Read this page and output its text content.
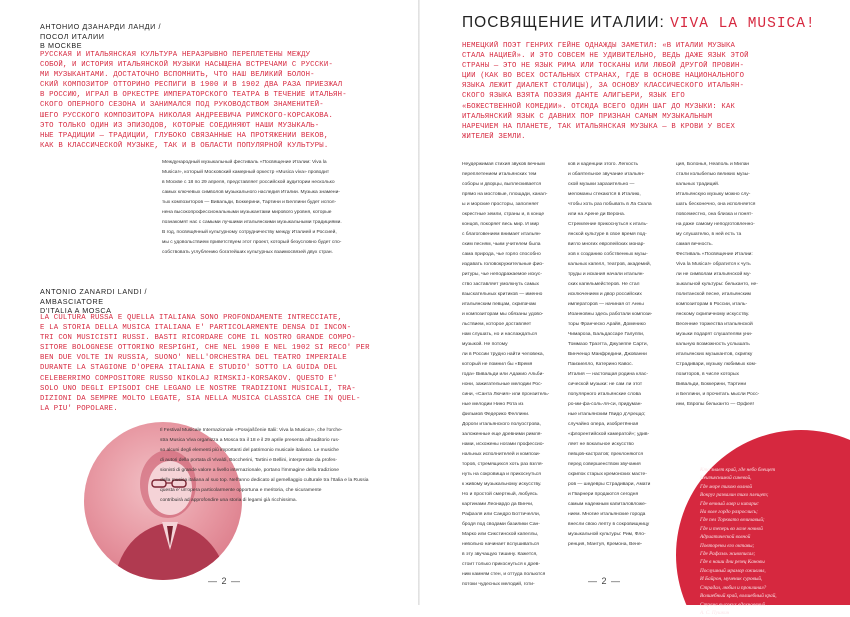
АНТОНИО ДЗАНАРДИ ЛАНДИ /
ПОСОЛ ИТАЛИИ
В МОСКВЕ
РУССКАЯ И ИТАЛЬЯНСКАЯ КУЛЬТУРА НЕРАЗРЫВНО ПЕРЕПЛЕТЕНЫ МЕЖДУ
СОБОЙ, И ИСТОРИЯ ИТАЛЬЯНСКОЙ МУЗЫКИ НАСЫЩЕНА ВСТРЕЧАМИ С РУССКИ-
МИ МУЗЫКАНТАМИ. ДОСТАТОЧНО ВСПОМНИТЬ, ЧТО НАШ ВЕЛИКИЙ БОЛОН-
СКИЙ КОМПОЗИТОР ОТТОРИНО РЕСПИГИ В 1900 И В 1902 ДВА РАЗА ПРИЕЗЖАЛ
В РОССИЮ, ИГРАЛ В ОРКЕСТРЕ ИМПЕРАТОРСКОГО ТЕАТРА В ТЕЧЕНИЕ ИТАЛЬЯН-
СКОГО ОПЕРНОГО СЕЗОНА И ЗАНИМАЛСЯ ПОД РУКОВОДСТВОМ ЗНАМЕНИТЕЙ-
ШЕГО РУССКОГО КОМПОЗИТОРА НИКОЛАЯ АНДРЕЕВИЧА РИМСКОГО-КОРСАКОВА.
ЭТО ТОЛЬКО ОДИН ИЗ ЭПИЗОДОВ, КОТОРЫЕ СОЕДИНЯЮТ НАШИ МУЗЫКАЛЬ-
НЫЕ ТРАДИЦИИ — ТРАДИЦИИ, ГЛУБОКО СВЯЗАННЫЕ НА ПРОТЯЖЕНИИ ВЕКОВ,
КАК В КЛАССИЧЕСКОЙ МУЗЫКЕ, ТАК И В ОБЛАСТИ ПОПУЛЯРНОЙ КУЛЬТУРЫ.
Международный музыкальный фестиваль «Посвящение Италии: Viva la
Musica!», который Московский камерный оркестр «Musica viva» проводит
в Москве с 18 по 29 апреля, представляет российской аудитории несколько
самых ключевых символов музыкального наследия Италии. Музыка знамени-
тых композиторов — Вивальди, Боккерини, Тартини и Беллини будет испол-
нена высокопрофессиональными музыкантами мирового уровня, которые
познакомят нас с самыми лучшими итальянскими музыкальными традициями.
В год, посвящённый культурному сотрудничеству между Италией и Россией,
мы с удовольствием приветствуем этот проект, который безусловно будет спо-
собствовать углублению богатейших культурных взаимосвязей двух стран.
ANTONIO ZANARDI LANDI /
AMBASCIATORE
D'ITALIA A MOSCA
LA CULTURA RUSSA E QUELLA ITALIANA SONO PROFONDAMENTE INTRECCIATE,
E LA STORIA DELLA MUSICA ITALIANA E' PARTICOLARMENTE DENSA DI INCON-
TRI CON MUSICISTI RUSSI. BASTI RICORDARE COME IL NOSTRO GRANDE COMPO-
SITORE BOLOGNESE OTTORINO RESPIGHI, CHE NEL 1900 E NEL 1902 SI RECO' PER
BEN DUE VOLTE IN RUSSIA, SUONO' NELL'ORCHESTRA DEL TEATRO IMPERIALE
DURANTE LA STAGIONE D'OPERA ITALIANA E STUDIO' SOTTO LA GUIDA DEL
CELEBERRIMO COMPOSITORE RUSSO NIKOLAJ RIMSKIJ-KORSAKOV. QUESTO E'
SOLO UNO DEGLI EPISODI CHE LEGANO LE NOSTRE TRADIZIONI MUSICALI, TRA-
DIZIONI DA SEMPRE MOLTO LEGATE, SIA NELLA MUSICA CLASSICA CHE IN QUEL-
LA PIU' POPOLARE.
Il Festival Musicale Internazionale «Posvjaščenie Italii: Viva la Musica!», che l'orche-
stra Musica Viva organizza a Mosca tra il 18 e il 29 aprile presenta all'auditorio rus-
so alcuni degli elementi più importanti del patrimonio musicale italiano. Le musiche
di autori della portata di Vivaldi, Boccherini, Tartini e Bellini, interpretate da profes-
sionisti di grande valore a livello internazionale, portano l'immagine della tradizione
della musica italiana al suo top. Nell'anno dedicato al gemellaggio culturale tra l'Italia e la Russia
questa e' un'opera particolarmente opportuna e meritoria, che sicuramente
contribuirà ad approfondire una storia di legami già ricchissima.
— 2 —	— 2 —
ПОСВЯЩЕНИЕ ИТАЛИИ: VIVA LA MUSICA!
НЕМЕЦКИЙ ПОЭТ ГЕНРИХ ГЕЙНЕ ОДНАЖДЫ ЗАМЕТИЛ: «В ИТАЛИИ МУЗЫКА
СТАЛА НАЦИЕЙ». И ЭТО СОВСЕМ НЕ УДИВИТЕЛЬНО, ВЕДЬ ДАЖЕ ЯЗЫК ЭТОЙ
СТРАНЫ — ЭТО НЕ ЯЗЫК РИМА ИЛИ ТОСКАНЫ ИЛИ ЛЮБОЙ ДРУГОЙ ПРОВИН-
ЦИИ (КАК ВО ВСЕХ ОСТАЛЬНЫХ СТРАНАХ, ГДЕ В ОСНОВЕ НАЦИОНАЛЬНОГО
ЯЗЫКА ЛЕЖИТ ДИАЛЕКТ СТОЛИЦЫ), ЗА ОСНОВУ КЛАССИЧЕСКОГО ИТАЛЬЯН-
СКОГО ЯЗЫКА ВЗЯТА ПОЭЗИЯ ДАНТЕ АЛИГЬЕРИ, ЯЗЫК ЕГО
«БОЖЕСТВЕННОЙ КОМЕДИИ». ОТСЮДА ВСЕГО ОДИН ШАГ ДО МУЗЫКИ: КАК
ИТАЛЬЯНСКИЙ ЯЗЫК С ДАВНИХ ПОР ПРИЗНАН САМЫМ МУЗЫКАЛЬНЫМ
НАРЕЧИЕМ НА ПЛАНЕТЕ, ТАК ИТАЛЬЯНСКАЯ МУЗЫКА — В КРОВИ У ВСЕХ
ЖИТЕЛЕЙ ЗЕМЛИ.
Неудержимая стихия звуков вечным
переплетением итальянских тем
соборы и дворцы, выплескивается
прямо на мостовые, площади, канал-
ы и морские просторы, заполняет
окрестные земли, страны и, в конце
концов, покоряет весь мир. И мир
с благоговением внимает итальян-
ским песням, чьим учителем была
сама природа, чье горло способно
издавать головокружительные фио-
ритуры, чье неподражаемое искус-
ство заставляет умолкнуть самых
взыскательных критиков — именно
итальянским певцам, скрипачам
и композиторам мы обязаны удово-
льствием, которое доставляет
нам слушать, но и наслаждаться
музыкой. Не потому
ли в России трудно найти человека,
который не помнил бы «Время
года» Вивальди или Адажио Альби-
нони, зажигательные мелодии Рос-
сини, «Санта Лючия» или пронзитель-
ные мелодии Нино Рота из
фильмов Федерико Феллини.
Дороги итальянского полуострова,
заложенные еще древними римля-
нами, исхожены ногами профессио-
нальных исполнителей и компози-
торов, стремящихся хоть раз взгля-
нуть на сокровища и прикоснуться
к живому музыкальному искусству.
Но и простой смертный, любуясь
картинами Леонардо да Винчи,
Рафаэля или Сандро Боттичелли,
бродя под сводами базилики Сан-
Марко или Сикстинской капеллы,
невольно начинает вслушиваться
в эту звучащую тишину. Кажется,
стоит только прикоснуться к древ-
ним камням стен, и оттуда польются
потоки чудесных мелодий, готи-
ков и каденции этого. Легкость
и обаятельное звучание итальян-
ской музыки заразительно —
меломаны стекаются в Италию,
чтобы хоть раз побывать в Ла Скала
или на Арене ди Верона.
Стремление прикоснуться к италь-
янской культуре в свое время под-
вигло многих европейских монар-
хов к созданию собственных музы-
кальных капелл, театров, академий,
труды и искания начали итальян-
ских капельмейстеров. Не стал
исключением и двор российских
императоров — начиная от Анны
Иоанновны здесь работали компози-
торы Франческо Арайя, Доменико
Чимароза, Бальдассаре Галуппи,
Томмазо Траэтта, Джузеппе Сарти,
Винченцо Манфредини, Джованни
Паизиелло, Катерино Кавос.
Италия — настоящая родина клас-
сической музыки: не сам ли этот
популярного итальянские слова
ро-ми-фа-соль-ля-си, придуман-
ные итальянским Гвидо д'Ареццо;
случайно опера, изобретённая
«флорентийской камератой»; удив-
ляет не вокальное искусство
певцов-кастратов; преклоняются
перед совершенством звучания
скрипок старых кремонских масте-
ров — шедевры Страдивари, Амати
и Гварнери продаются сегодня
самым надежным капиталовложе-
нием. Многие итальянские города
внесли свою лепту в сокровищницу
музыкальной культуры: Рим, Фло-
ренция, Мантуя, Кремона, Вене-
ция, Болонья, Неаполь и Милан
стали колыбелью великих музы-
кальных традиций.
Итальянскую музыку можно слу-
шать бесконечно, она исполняется
повсеместно, она близка и понят-
на даже самому неподготовленно-
му слушателю, в ней есть та
самая вечность.
Фестиваль «Посвящение Италии:
Viva la Musica!» обратится к чуть
ли не символам итальянской му-
зыкальной культуры: бельканто, не-
политанской песне, итальянским
композиторам в России, италь-
янскому скрипичному искусству.
Весенние торжества итальянской
музыки подарят слушателям уни-
кальную возможность услышать
итальянских музыкантов, скрипку
Страдивари, музыку любимых ком-
позиторов, в числе которых
Вивальди, Боккерини, Тартини
и Беллини, и прочитать мысли Росс-
ини, Европы бельканто — Орфея!
Кто знает край, где небо блещет
Неизъяснимой синевой,
Где море тихою волной
Вокруг развалин тихо плещет;
Где вечный лавр и кипарис
На воле гордо разрослись;
Где пел Торквато величавый;
Где и теперь во мгле ночной
Адриатической волной
Повторены его октавы;
Где Рафаэль живописал;
Где в наши дни резец Кановы
Послушный мрамор оживлял,
И Байрон, мученик суровый,
Страдал, любил и проклинал?
Волшебный край, волшебный край,
Страна высоких вдохновений…
А. С. Пушкин
